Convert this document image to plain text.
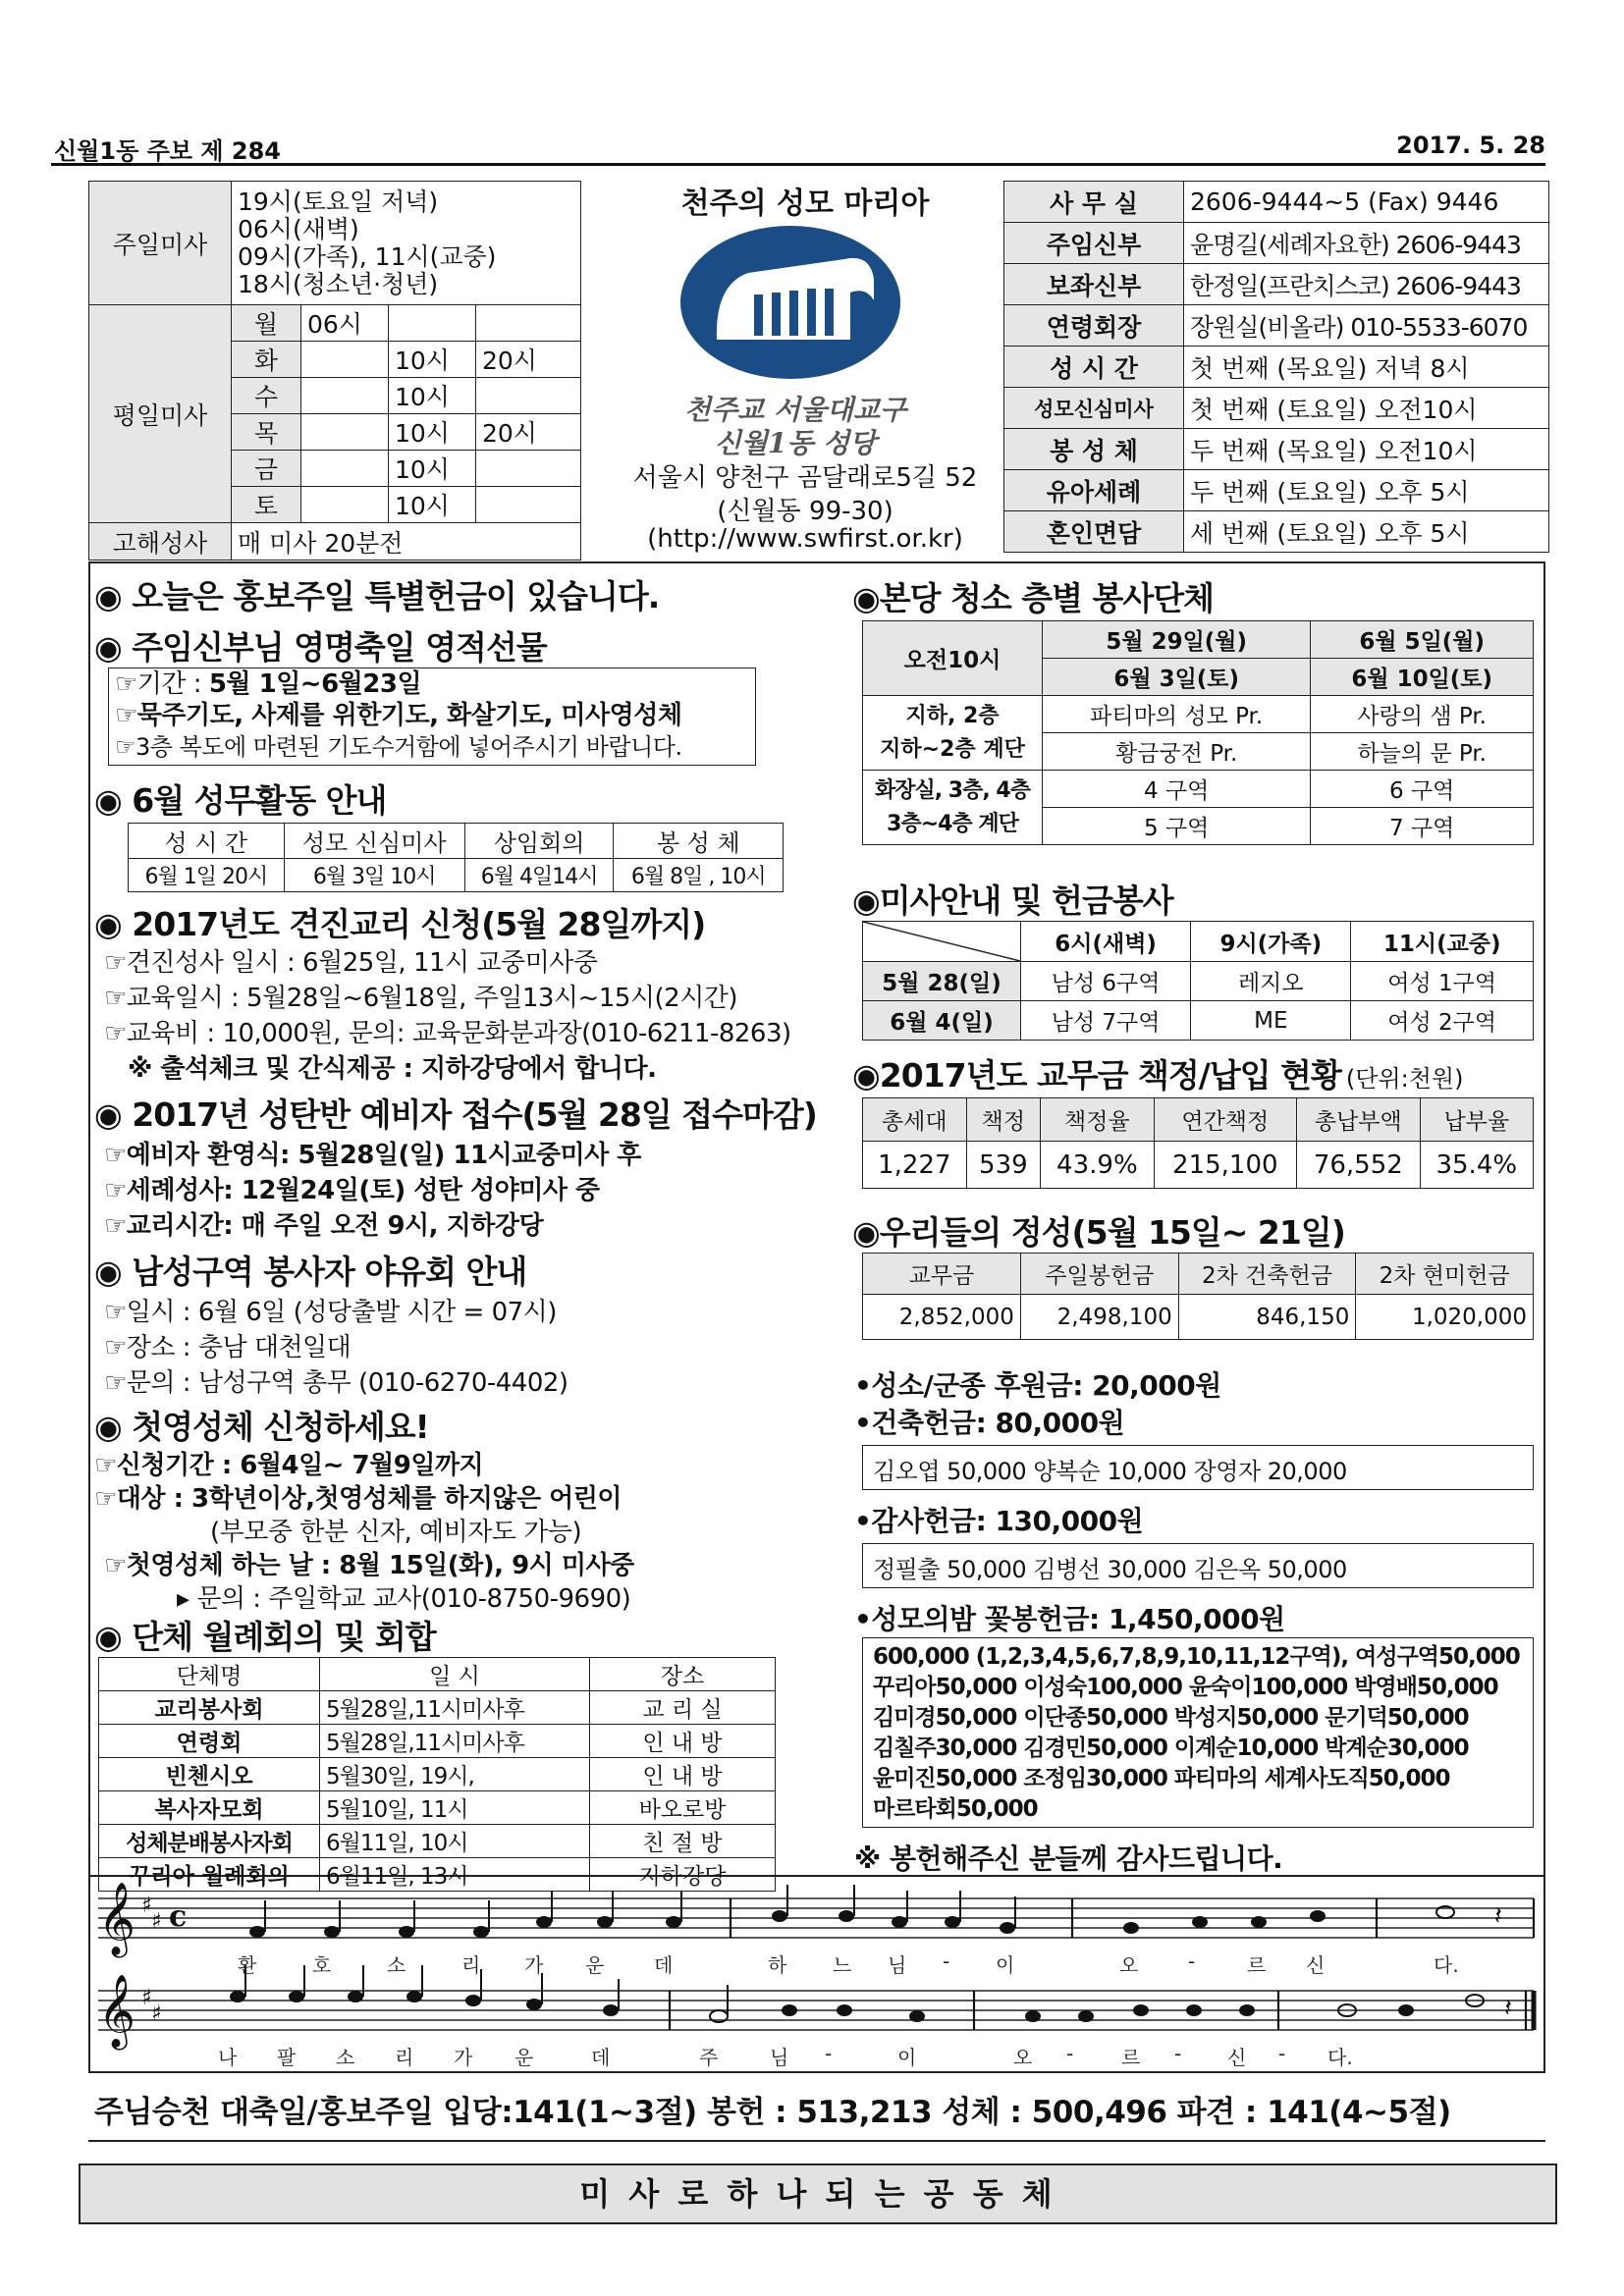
신월1동 주보 제 284	2017. 5. 28
주일미사	19시(토요일 저녁)
06시(새벽)
09시(가족), 11시(교중)
18시(청소년·청년)			

평일미사	월	06시		
	화		10시	20시
	수		10시	
	목		10시	20시
	금		10시	
	토		10시	
고해성사	매 미사 20분전			
천주의 성모 마리아
천주교 서울대교구
신월1동 성당
서울시 양천구 곰달래로5길 52
(신월동 99-30)
(http://www.swfirst.or.kr)
사 무 실	2606-9444~5 (Fax) 9446
주임신부	윤명길(세례자요한) 2606-9443
보좌신부	한정일(프란치스코) 2606-9443
연령회장	장원실(비올라) 010-5533-6070
성 시 간	첫 번째 (목요일) 저녁 8시
성모신심미사	첫 번째 (토요일) 오전10시
봉 성 체	두 번째 (목요일) 오전10시
유아세례	두 번째 (토요일) 오후 5시
혼인면담	세 번째 (토요일) 오후 5시
◉ 오늘은 홍보주일 특별헌금이 있습니다.
◉ 주임신부님 영명축일 영적선물
☞기간 : 5월 1일~6월23일
☞묵주기도, 사제를 위한기도, 화살기도, 미사영성체
☞3층 복도에 마련된 기도수거함에 넣어주시기 바랍니다.
◉ 6월 성무활동 안내
성 시 간	성모 신심미사	상임회의	봉 성 체
6월 1일 20시	6월 3일 10시	6월 4일14시	6월 8일 , 10시
◉ 2017년도 견진교리 신청(5월 28일까지)
☞견진성사 일시 : 6월25일, 11시 교중미사중
☞교육일시 : 5월28일~6월18일, 주일13시~15시(2시간)
☞교육비 : 10,000원, 문의: 교육문화분과장(010-6211-8263)
※ 출석체크 및 간식제공 : 지하강당에서 합니다.
◉ 2017년 성탄반 예비자 접수(5월 28일 접수마감)
☞예비자 환영식: 5월28일(일) 11시교중미사 후
☞세례성사: 12월24일(토) 성탄 성야미사 중
☞교리시간: 매 주일 오전 9시, 지하강당
◉ 남성구역 봉사자 야유회 안내
☞일시 : 6월 6일 (성당출발 시간 = 07시)
☞장소 : 충남 대천일대
☞문의 : 남성구역 총무 (010-6270-4402)
◉ 첫영성체 신청하세요!
☞신청기간 : 6월4일~ 7월9일까지
☞대상 : 3학년이상,첫영성체를 하지않은 어린이
(부모중 한분 신자, 예비자도 가능)
☞첫영성체 하는 날 : 8월 15일(화), 9시 미사중
▸ 문의 : 주일학교 교사(010-8750-9690)
◉ 단체 월례회의 및 회합
단체명	일 시	장소
교리봉사회	5월28일,11시미사후	교 리 실
연령회	5월28일,11시미사후	인 내 방
빈첸시오	5월30일, 19시,	인 내 방
복사자모회	5월10일, 11시	바오로방
성체분배봉사자회	6월11일, 10시	친 절 방
꾸리아 월례회의	6월11일, 13시	지하강당
◉본당 청소 층별 봉사단체
오전10시	5월 29일(월)	6월 5일(월)
	6월 3일(토)	6월 10일(토)

지하, 2층
지하~2층 계단	파티마의 성모 Pr.	사랑의 샘 Pr.
	황금궁전 Pr.	하늘의 문 Pr.

화장실, 3층, 4층
3층~4층 계단	4 구역	6 구역
	5 구역	7 구역
◉미사안내 및 헌금봉사
	6시(새벽)	9시(가족)	11시(교중)
5월 28(일)	남성 6구역	레지오	여성 1구역
6월 4(일)	남성 7구역	ME	여성 2구역
◉2017년도 교무금 책정/납입 현황 (단위:천원)
총세대	책정	책정율	연간책정	총납부액	납부율
1,227	539	43.9%	215,100	76,552	35.4%
◉우리들의 정성(5월 15일~ 21일)
교무금	주일봉헌금	2차 건축헌금	2차 현미헌금
2,852,000	2,498,100	846,150	1,020,000
•성소/군종 후원금: 20,000원
•건축헌금: 80,000원
김오엽 50,000 양복순 10,000 장영자 20,000
•감사헌금: 130,000원
정필출 50,000 김병선 30,000 김은옥 50,000
•성모의밤 꽃봉헌금: 1,450,000원
600,000 (1,2,3,4,5,6,7,8,9,10,11,12구역), 여성구역50,000
꾸리아50,000 이성숙100,000 윤숙이100,000 박영배50,000
김미경50,000 이단종50,000 박성지50,000 문기덕50,000
김칠주30,000 김경민50,000 이계순10,000 박계순30,000
윤미진50,000 조정임30,000 파티마의 세계사도직50,000
마르타회50,000
※ 봉헌해주신 분들께 감사드립니다.
𝄞
𝄞
♯
♯
♯
♯
c	𝄽
𝄽
환	호	소	리 가 운	데	하 느 님 - 이	오	-	르 신	다.
나 팔 소 리 가 운	데	주	님 -	이	오 - 르 - 신 - 다.
주님승천 대축일/홍보주일 입당:141(1~3절) 봉헌 : 513,213 성체 : 500,496 파견 : 141(4~5절)
미 사 로 하 나 되 는 공 동 체
